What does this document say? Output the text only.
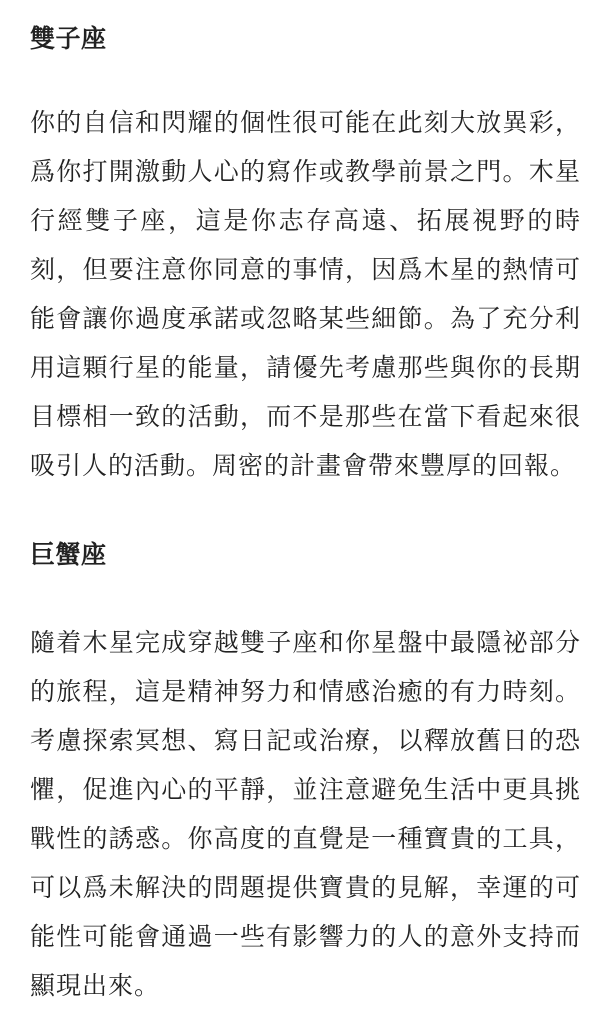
雙子座

你的自信和閃耀的個性很可能在此刻大放異彩，爲你打開激動人心的寫作或教學前景之門。木星行經雙子座，這是你志存高遠、拓展視野的時刻，但要注意你同意的事情，因爲木星的熱情可能會讓你過度承諾或忽略某些細節。為了充分利用這顆行星的能量，請優先考慮那些與你的長期目標相一致的活動，而不是那些在當下看起來很吸引人的活動。周密的計畫會帶來豐厚的回報。

巨蟹座

隨着木星完成穿越雙子座和你星盤中最隱祕部分的旅程，這是精神努力和情感治癒的有力時刻。考慮探索冥想、寫日記或治療，以釋放舊日的恐懼，促進內心的平靜，並注意避免生活中更具挑戰性的誘惑。你高度的直覺是一種寶貴的工具，可以爲未解決的問題提供寶貴的見解，幸運的可能性可能會通過一些有影響力的人的意外支持而顯現出來。
